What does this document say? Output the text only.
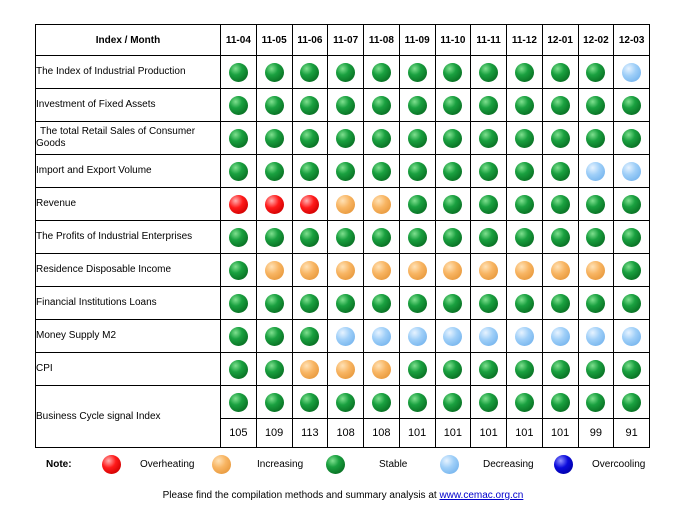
Index / Month	11-04	11-05	11-06	11-07	11-08	11-09	11-10	11-11	11-12	12-01	12-02	12-03
The Index of Industrial Production												
Investment of Fixed Assets												

The total Retail Sales of Consumer
Goods												

Import and Export Volume												
Revenue												
The Profits of Industrial Enterprises												
Residence Disposable Income												
Financial Institutions Loans												
Money Supply M2												
CPI												
Business Cycle signal Index												
	105	109	113	108	108	101	101	101	101	101	99	91
Note:	Overheating	Increasing	Stable	Decreasing	Overcooling
Please find the compilation methods and summary analysis at www.cemac.org.cn
